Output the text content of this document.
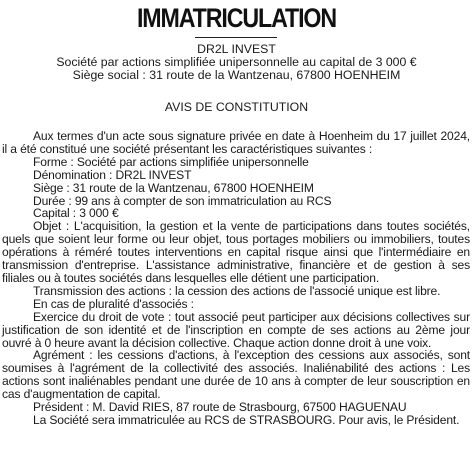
IMMATRICULATION
DR2L INVEST
Société par actions simplifiée unipersonnelle au capital de 3 000 €
Siège social : 31 route de la Wantzenau, 67800 HOENHEIM
AVIS DE CONSTITUTION

Aux termes d'un acte sous signature privée en date à Hoenheim du 17 juillet 2024, il a été constitué une société présentant les caractéristiques suivantes :

Forme : Société par actions simplifiée unipersonnelle

Dénomination : DR2L INVEST

Siège : 31 route de la Wantzenau, 67800 HOENHEIM

Durée : 99 ans à compter de son immatriculation au RCS

Capital : 3 000 €

Objet : L'acquisition, la gestion et la vente de participations dans toutes sociétés, quels que soient leur forme ou leur objet, tous portages mobiliers ou immobiliers, toutes opérations à réméré toutes interventions en capital risque ainsi que l'intermédiaire en transmission d'entreprise. L'assistance administrative, financière et de gestion à ses filiales ou à toutes sociétés dans lesquelles elle détient une participation.

Transmission des actions : la cession des actions de l'associé unique est libre.

En cas de pluralité d'associés :

Exercice du droit de vote : tout associé peut participer aux décisions collectives sur justification de son identité et de l'inscription en compte de ses actions au 2ème jour ouvré à 0 heure avant la décision collective. Chaque action donne droit à une voix.

Agrément : les cessions d'actions, à l'exception des cessions aux associés, sont soumises à l'agrément de la collectivité des associés. Inaliénabilité des actions : Les actions sont inaliénables pendant une durée de 10 ans à compter de leur souscription en cas d'augmentation de capital.

Président : M. David RIES, 87 route de Strasbourg, 67500 HAGUENAU

La Société sera immatriculée au RCS de STRASBOURG. Pour avis, le Président.
